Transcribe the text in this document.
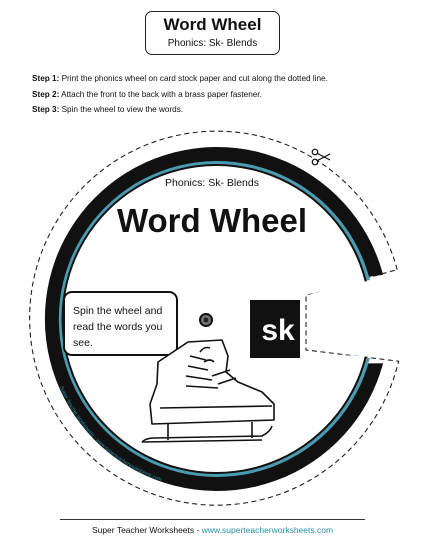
Word Wheel
Phonics: Sk- Blends
Step 1: Print the phonics wheel on card stock paper and cut along the dotted line.
Step 2: Attach the front to the back with a brass paper fastener.
Step 3: Spin the wheel to view the words.
sk
Phonics: Sk- Blends
Word Wheel
Spin the wheel and
read the words you
see.
Super Teacher Worksheets - www.superteacherworksheets.com
Super Teacher Worksheets - www.superteacherworksheets.com
